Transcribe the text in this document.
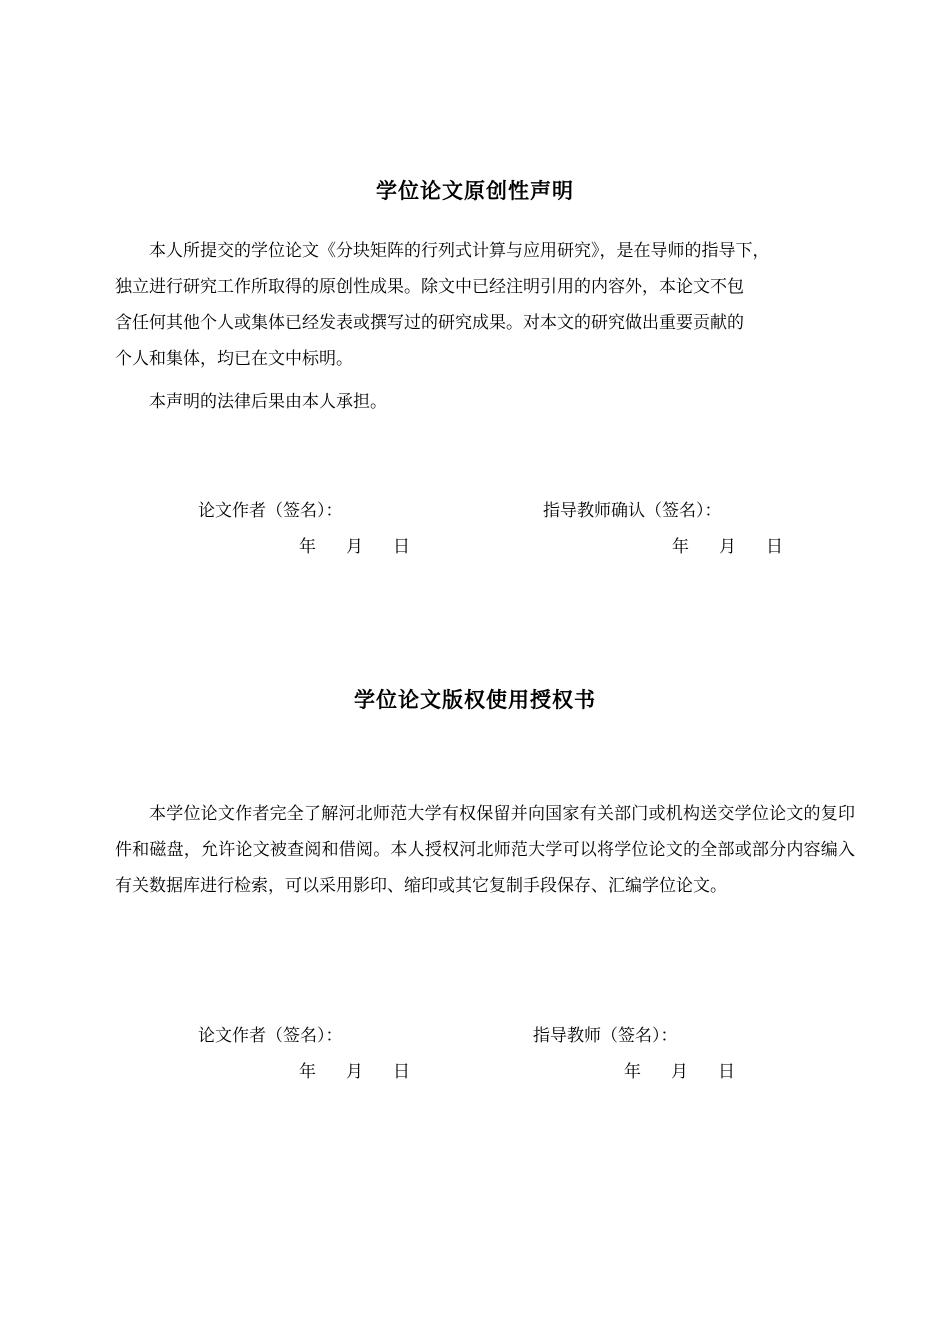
学位论文原创性声明
本人所提交的学位论文《分块矩阵的行列式计算与应用研究》，是在导师的指导下，
独立进行研究工作所取得的原创性成果。除文中已经注明引用的内容外，本论文不包
含任何其他个人或集体已经发表或撰写过的研究成果。对本文的研究做出重要贡献的
个人和集体，均已在文中标明。

本声明的法律后果由本人承担。

论文作者（签名）：	指导教师确认（签名）：
年 月 日	年 月 日
学位论文版权使用授权书

本学位论文作者完全了解河北师范大学有权保留并向国家有关部门或机构送交学位论文的复印件和磁盘，允许论文被查阅和借阅。本人授权河北师范大学可以将学位论文的全部或部分内容编入有关数据库进行检索，可以采用影印、缩印或其它复制手段保存、汇编学位论文。

论文作者（签名）：	指导教师（签名）：
年 月 日	年 月 日
